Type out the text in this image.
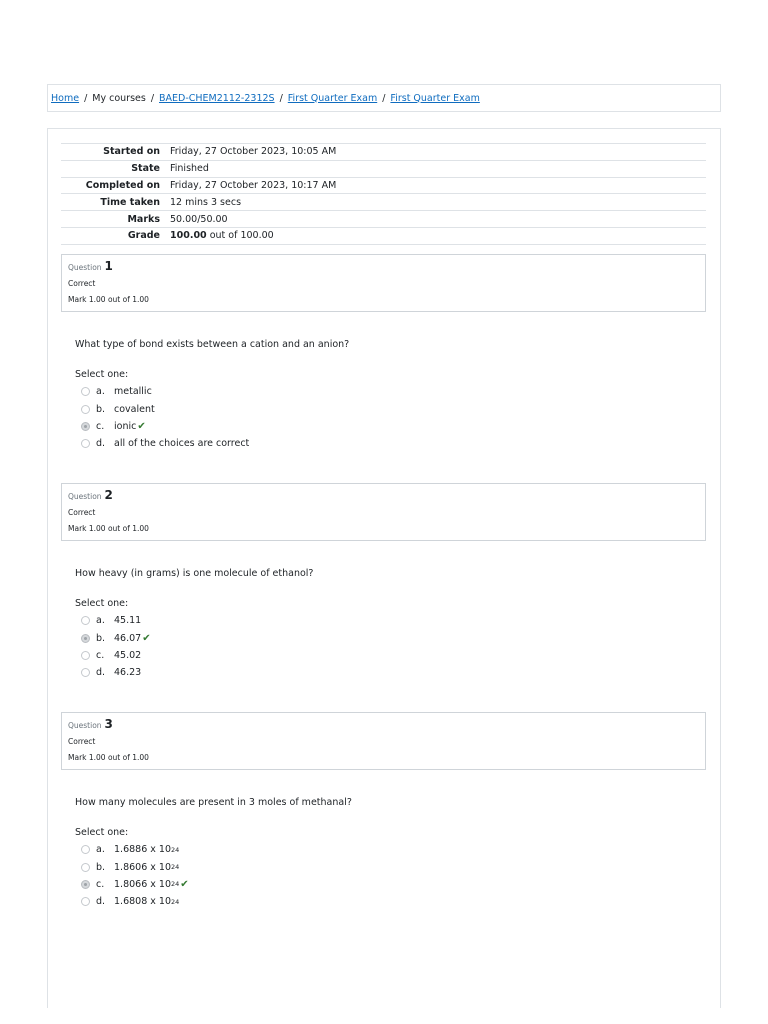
Home / My courses / BAED-CHEM2112-2312S / First Quarter Exam / First Quarter Exam
Started on	Friday, 27 October 2023, 10:05 AM
State	Finished
Completed on	Friday, 27 October 2023, 10:17 AM
Time taken	12 mins 3 secs
Marks	50.00/50.00
Grade	100.00 out of 100.00
Question 1
Correct
Mark 1.00 out of 1.00
What type of bond exists between a cation and an anion?
Select one:
a. metallic
b. covalent
c.	ionic ✔
d. all of the choices are correct
Question 2
Correct
Mark 1.00 out of 1.00
How heavy (in grams) is one molecule of ethanol?
Select one:
a. 45.11
b. 46.07 ✔
c.	45.02
d. 46.23
Question 3
Correct
Mark 1.00 out of 1.00
How many molecules are present in 3 moles of methanal?
Select one:
a. 1.6886 x 10 24
b. 1.8606 x 10 24
c.	1.8066 x 10 24 ✔
d. 1.6808 x 10 24
